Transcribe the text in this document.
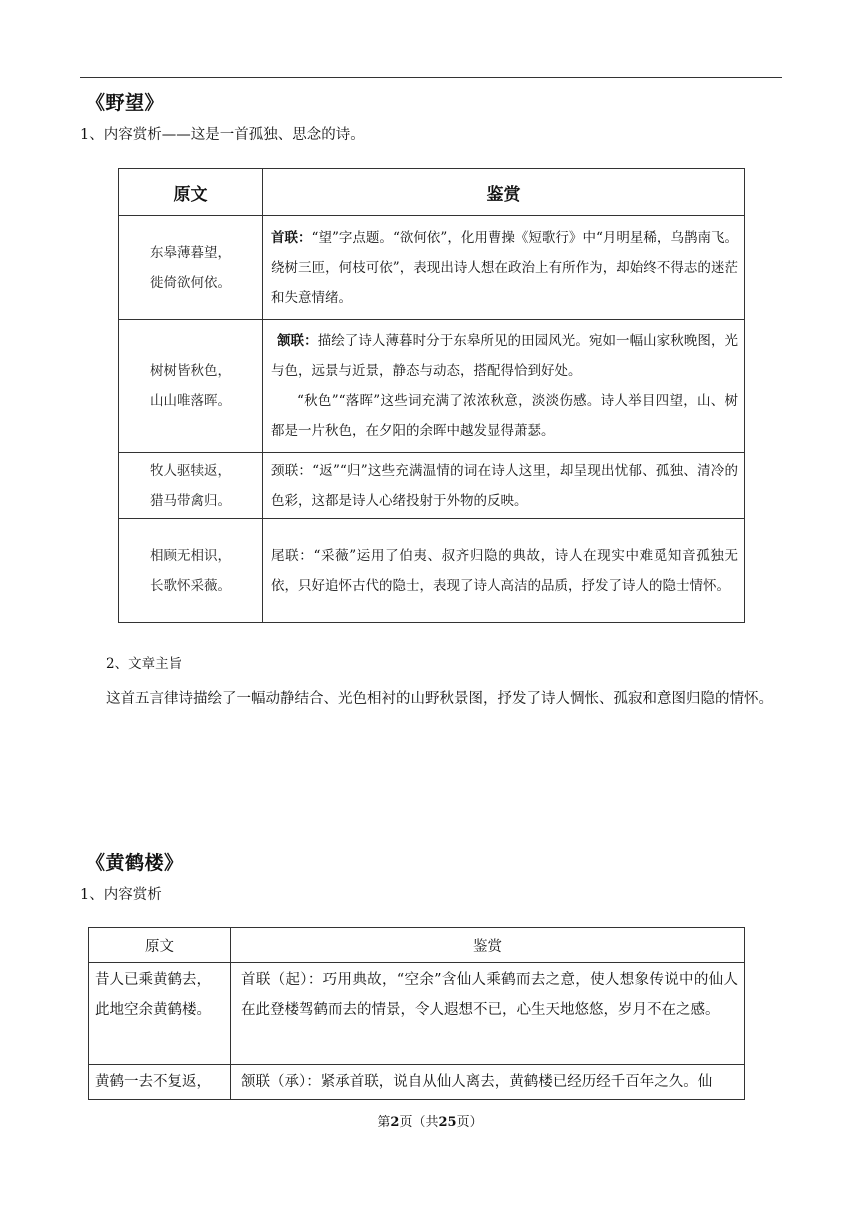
《野望》
1、内容赏析——这是一首孤独、思念的诗。
原文	鉴赏

东皋薄暮望，
徙倚欲何依。	首联：“望”字点题。“欲何依”，化用曹操《短歌行》中“月明星稀，乌鹊南飞。绕树三匝，何枝可依”，表现出诗人想在政治上有所作为，却始终不得志的迷茫和失意情绪。

树树皆秋色，
山山唯落晖。	颔联：描绘了诗人薄暮时分于东皋所见的田园风光。宛如一幅山家秋晚图，光与色，远景与近景，静态与动态，搭配得恰到好处。
“秋色”“落晖”这些词充满了浓浓秋意，淡淡伤感。诗人举目四望，山、树都是一片秋色，在夕阳的余晖中越发显得萧瑟。

牧人驱犊返，
猎马带禽归。	颈联：“返”“归”这些充满温情的词在诗人这里，却呈现出忧郁、孤独、清冷的色彩，这都是诗人心绪投射于外物的反映。

相顾无相识，
长歌怀采薇。	尾联：“采薇”运用了伯夷、叔齐归隐的典故，诗人在现实中难觅知音孤独无依，只好追怀古代的隐士，表现了诗人高洁的品质，抒发了诗人的隐士情怀。
2、文章主旨
这首五言律诗描绘了一幅动静结合、光色相衬的山野秋景图，抒发了诗人惆怅、孤寂和意图归隐的情怀。
《黄鹤楼》
1、内容赏析
原文	鉴赏

昔人已乘黄鹤去，
此地空余黄鹤楼。	首联（起）：巧用典故，“空余”含仙人乘鹤而去之意，使人想象传说中的仙人在此登楼驾鹤而去的情景，令人遐想不已，心生天地悠悠，岁月不在之感。

黄鹤一去不复返，	颔联（承）：紧承首联，说自从仙人离去，黄鹤楼已经历经千百年之久。仙
第2页（共25页）
